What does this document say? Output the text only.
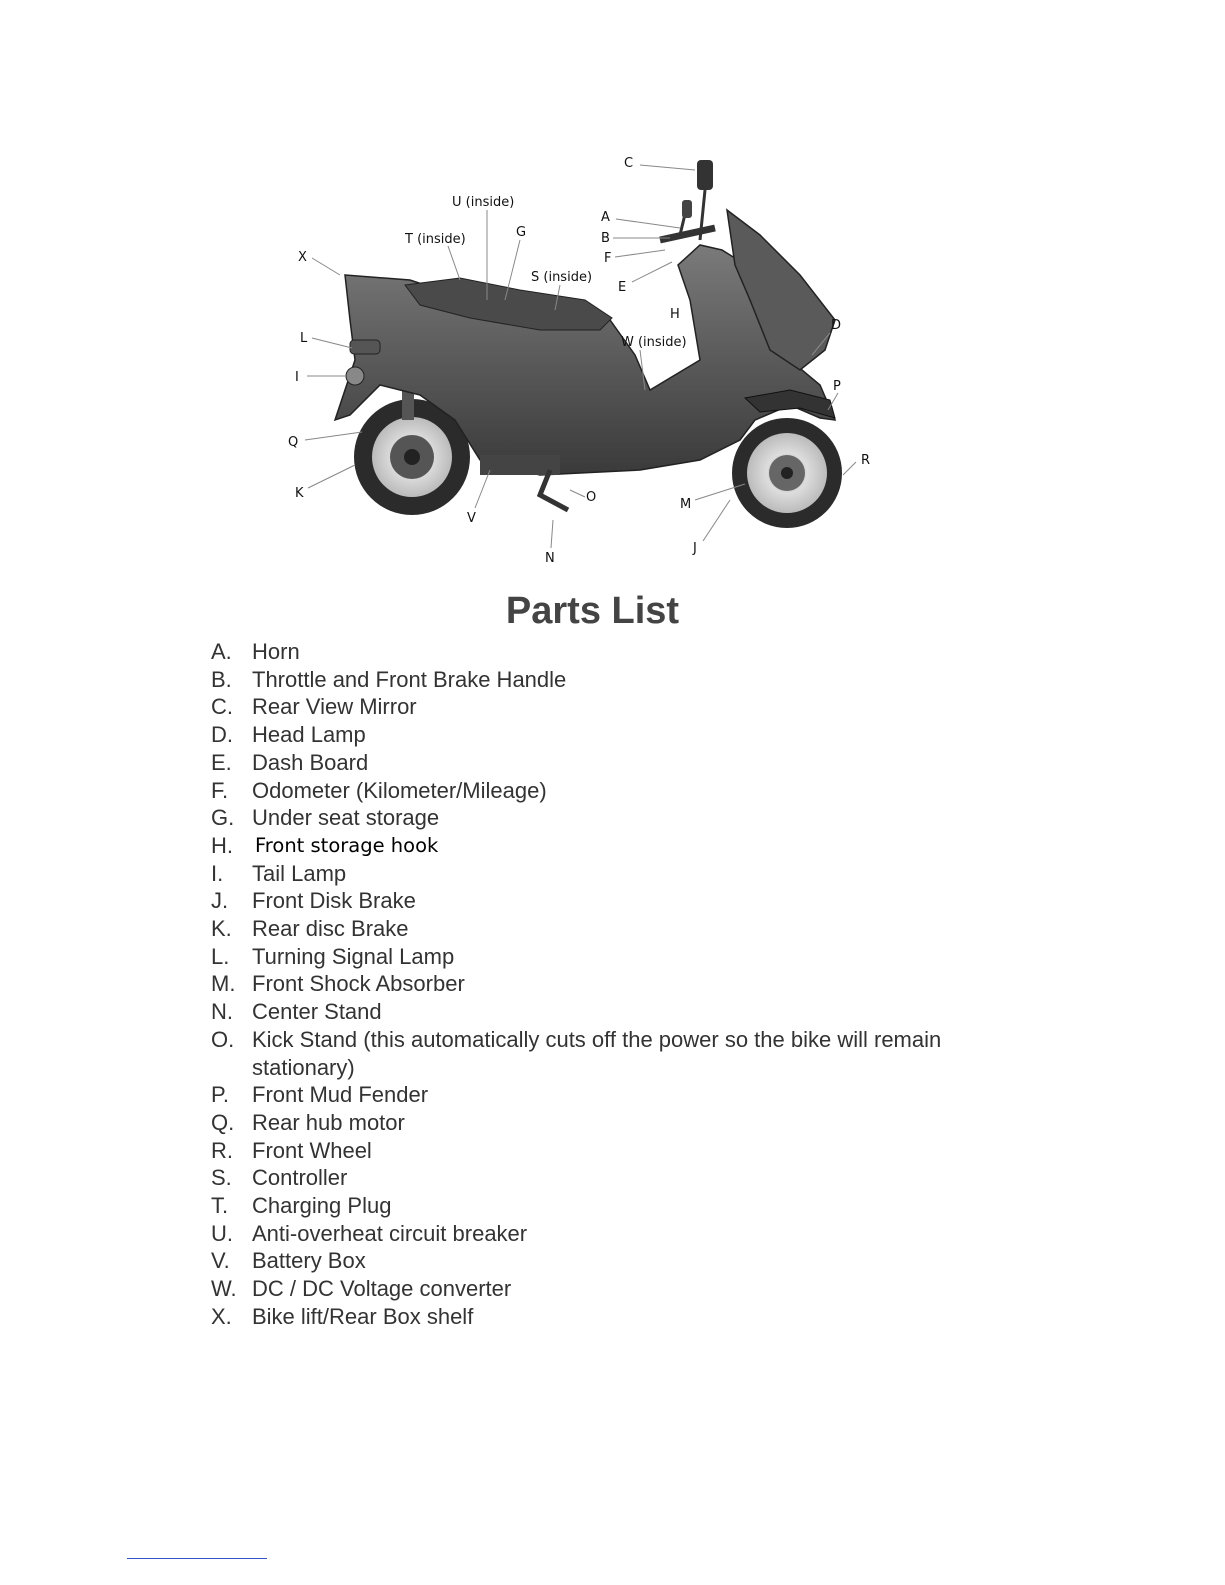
C
U (inside)
A
T (inside)	G	B
X	F
S (inside)
E
H
D
L	W (inside)
I
P
Q
R
K	O	M
V
J
N
Parts List
A. Horn
B. Throttle and Front Brake Handle
C. Rear View Mirror
D. Head Lamp
E. Dash Board
F.	Odometer (Kilometer/Mileage)
G. Under seat storage
H.	Front storage hook
I.	Tail Lamp
J.	Front Disk Brake
K. Rear disc Brake
L.	Turning Signal Lamp
M. Front Shock Absorber
N. Center Stand
O. Kick Stand (this automatically cuts off the power so the bike will remain stationary)
P.	Front Mud Fender
Q. Rear hub motor
R. Front Wheel
S. Controller
T.	Charging Plug
U. Anti-overheat circuit breaker
V.	Battery Box
W. DC / DC Voltage converter
X. Bike lift/Rear Box shelf
